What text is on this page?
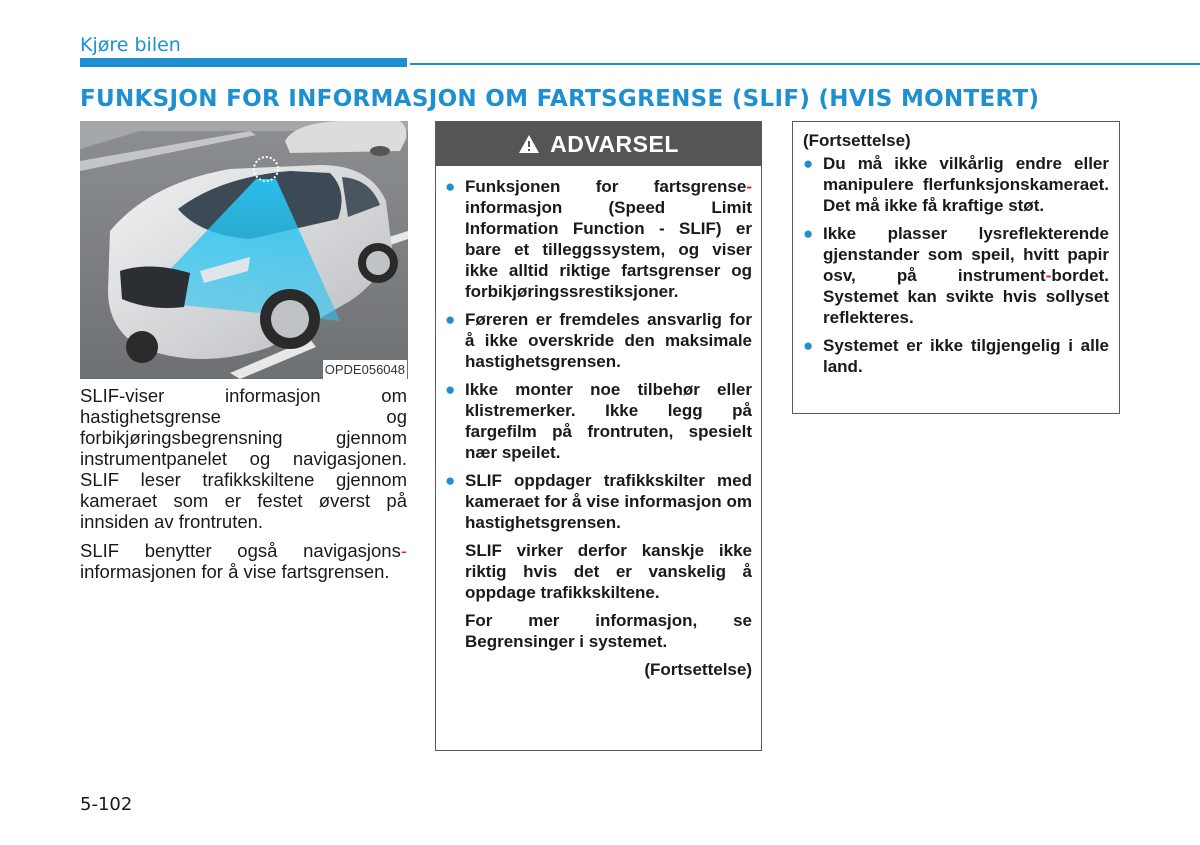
Kjøre bilen
FUNKSJON FOR INFORMASJON OM FARTSGRENSE (SLIF) (HVIS MONTERT)
OPDE056048

SLIF-viser informasjon om hastighetsgrense og forbikjøringsbegrensning gjennom instrumentpanelet og navigasjonen. SLIF leser trafikkskiltene gjennom kameraet som er festet øverst på innsiden av frontruten.

SLIF benytter også navigasjons-informasjonen for å vise fartsgrensen.

ADVARSEL
● Funksjonen for fartsgrense-informasjon (Speed Limit Information Function - SLIF) er bare et tilleggssystem, og viser ikke alltid riktige fartsgrenser og forbikjøringssrestiksjoner.
● Føreren er fremdeles ansvarlig for å ikke overskride den maksimale hastighetsgrensen.
● Ikke monter noe tilbehør eller klistremerker. Ikke legg på fargefilm på frontruten, spesielt nær speilet.
● SLIF oppdager trafikkskilter med kameraet for å vise informasjon om hastighetsgrensen.

SLIF virker derfor kanskje ikke riktig hvis det er vanskelig å oppdage trafikkskiltene.

For mer informasjon, se Begrensinger i systemet.

(Fortsettelse)
(Fortsettelse)
● Du må ikke vilkårlig endre eller manipulere flerfunksjonskameraet. Det må ikke få kraftige støt.
● Ikke plasser lysreflekterende gjenstander som speil, hvitt papir osv, på instrument-bordet. Systemet kan svikte hvis sollyset reflekteres.
● Systemet er ikke tilgjengelig i alle land.
5-102
